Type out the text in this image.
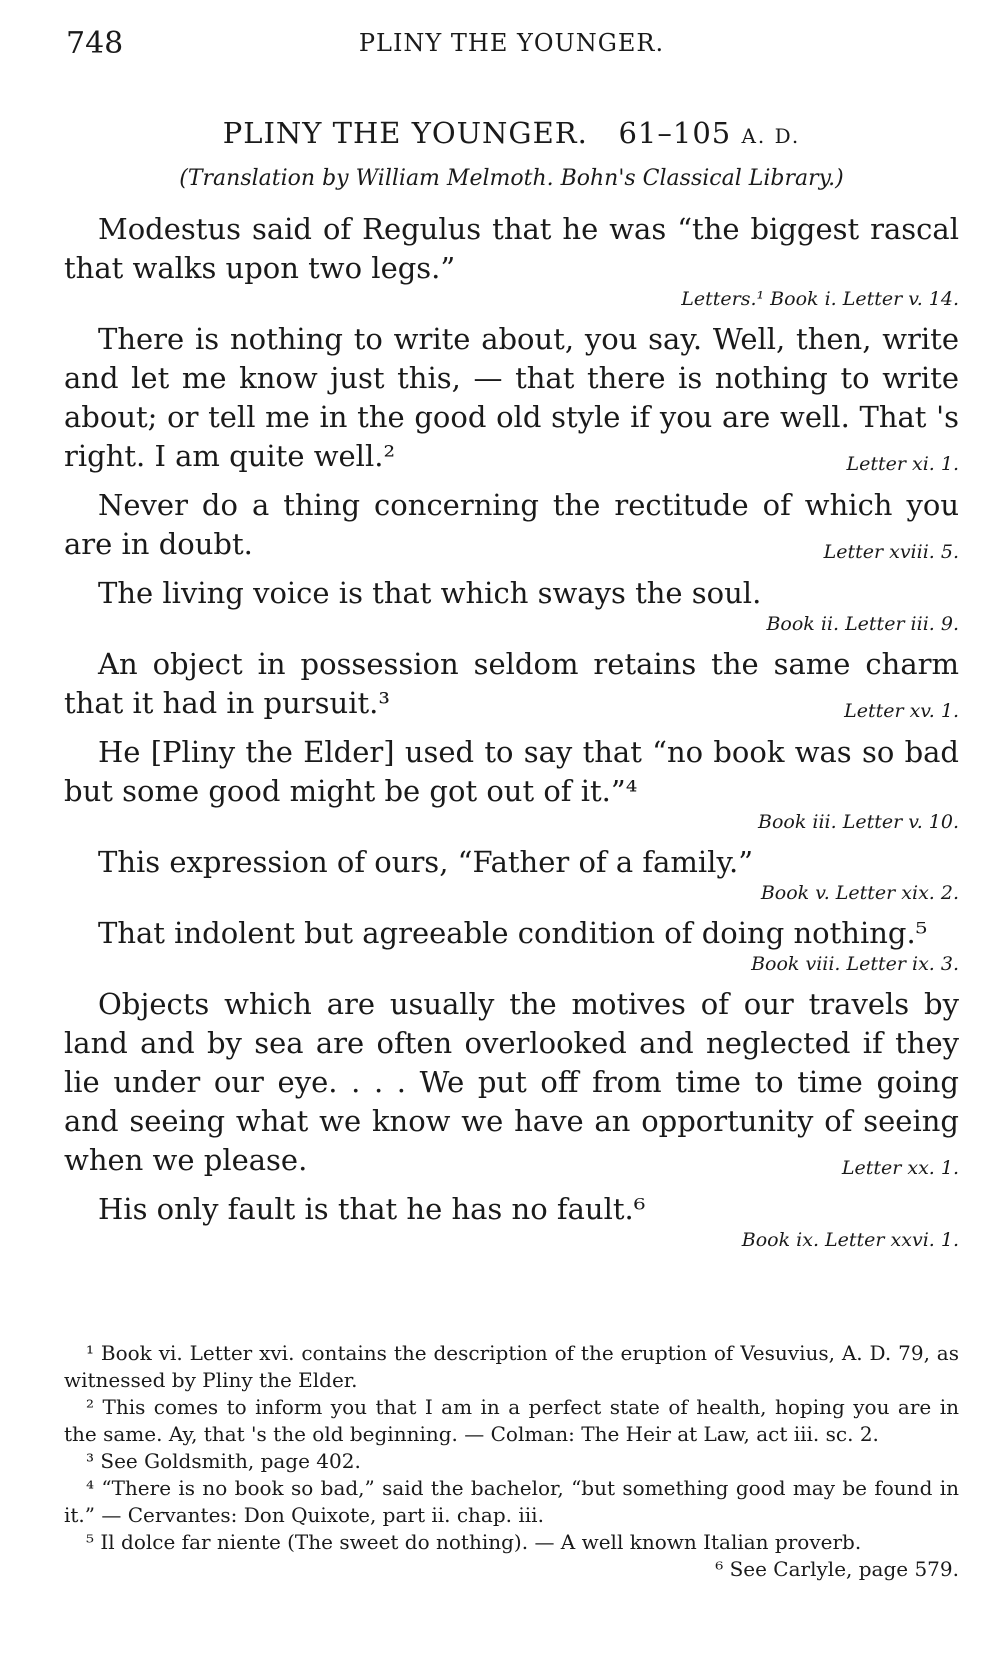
748	PLINY THE YOUNGER.
PLINY THE YOUNGER. 61–105 A. D.
(Translation by William Melmoth. Bohn's Classical Library.)

Modestus said of Regulus that he was “the biggest rascal that walks upon two legs.”

Letters.¹ Book i. Letter v. 14.

There is nothing to write about, you say. Well, then, write and let me know just this, — that there is nothing to write about; or tell me in the good old style if you are well. That 's right. I am quite well.²	Letter xi. 1.

Never do a thing concerning the rectitude of which you are in doubt.	Letter xviii. 5.

The living voice is that which sways the soul.

Book ii. Letter iii. 9.

An object in possession seldom retains the same charm that it had in pursuit.³	Letter xv. 1.

He [Pliny the Elder] used to say that “no book was so bad but some good might be got out of it.”⁴

Book iii. Letter v. 10.

This expression of ours, “Father of a family.”

Book v. Letter xix. 2.

That indolent but agreeable condition of doing nothing.⁵

Book viii. Letter ix. 3.

Objects which are usually the motives of our travels by land and by sea are often overlooked and neglected if they lie under our eye. . . . We put off from time to time going and seeing what we know we have an opportunity of seeing when we please.	Letter xx. 1.

His only fault is that he has no fault.⁶

Book ix. Letter xxvi. 1.

¹ Book vi. Letter xvi. contains the description of the eruption of Vesuvius, A. D. 79, as witnessed by Pliny the Elder.

² This comes to inform you that I am in a perfect state of health, hoping you are in the same. Ay, that 's the old beginning. — Colman: The Heir at Law, act iii. sc. 2.

³ See Goldsmith, page 402.

⁴ “There is no book so bad,” said the bachelor, “but something good may be found in it.” — Cervantes: Don Quixote, part ii. chap. iii.

⁵ Il dolce far niente (The sweet do nothing). — A well known Italian proverb.
⁶ See Carlyle, page 579.
